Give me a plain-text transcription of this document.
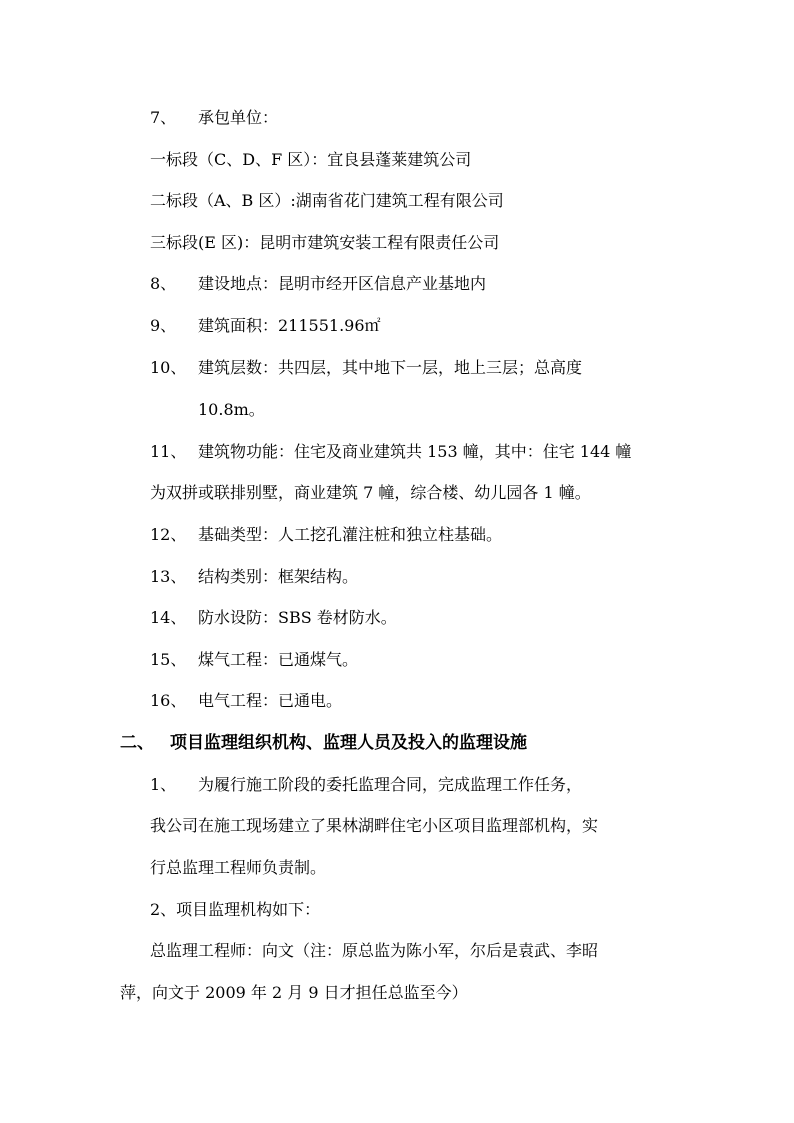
7、 承包单位：
一标段（C、D、F 区）：宜良县蓬莱建筑公司
二标段（A、B 区）:湖南省花门建筑工程有限公司
三标段(E 区)：昆明市建筑安装工程有限责任公司
8、 建设地点：昆明市经开区信息产业基地内
9、 建筑面积：211551.96㎡
10、 建筑层数：共四层，其中地下一层，地上三层；总高度
10.8m。
11、 建筑物功能：住宅及商业建筑共 153 幢，其中：住宅 144 幢
为双拼或联排别墅，商业建筑 7 幢，综合楼、幼儿园各 1 幢。
12、 基础类型：人工挖孔灌注桩和独立柱基础。
13、 结构类别：框架结构。
14、 防水设防：SBS 卷材防水。
15、 煤气工程：已通煤气。
16、 电气工程：已通电。
二、 项目监理组织机构、监理人员及投入的监理设施
1、 为履行施工阶段的委托监理合同，完成监理工作任务，
我公司在施工现场建立了果林湖畔住宅小区项目监理部机构，实
行总监理工程师负责制。
2、项目监理机构如下：
总监理工程师：向文（注：原总监为陈小军，尔后是袁武、李昭
萍，向文于 2009 年 2 月 9 日才担任总监至今）
